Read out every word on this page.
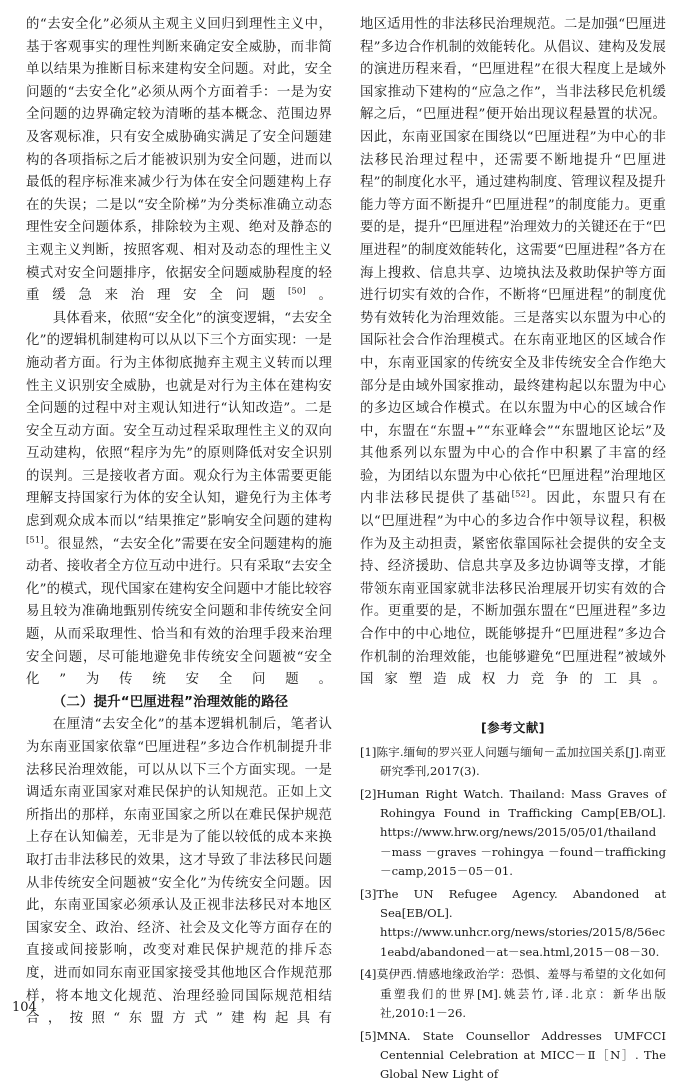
的“去安全化”必须从主观主义回归到理性主义中，基于客观事实的理性判断来确定安全威胁，而非简单以结果为推断目标来建构安全问题。对此，安全问题的“去安全化”必须从两个方面着手：一是为安全问题的边界确定较为清晰的基本概念、范围边界及客观标准，只有安全威胁确实满足了安全问题建构的各项指标之后才能被识别为安全问题，进而以最低的程序标准来减少行为体在安全问题建构上存在的失误；二是以“安全阶梯”为分类标准确立动态理性安全问题体系，排除较为主观、绝对及静态的主观主义判断，按照客观、相对及动态的理性主义模式对安全问题排序，依据安全问题威胁程度的轻重缓急来治理安全问题[50]。

具体看来，依照“安全化”的演变逻辑，“去安全化”的逻辑机制建构可以从以下三个方面实现：一是施动者方面。行为主体彻底抛弃主观主义转而以理性主义识别安全威胁，也就是对行为主体在建构安全问题的过程中对主观认知进行“认知改造”。二是安全互动方面。安全互动过程采取理性主义的双向互动建构，依照“程序为先”的原则降低对安全识别的误判。三是接收者方面。观众行为主体需要更能理解支持国家行为体的安全认知，避免行为主体考虑到观众成本而以“结果推定”影响安全问题的建构[51]。很显然，“去安全化”需要在安全问题建构的施动者、接收者全方位互动中进行。只有采取“去安全化”的模式，现代国家在建构安全问题中才能比较容易且较为准确地甄别传统安全问题和非传统安全问题，从而采取理性、恰当和有效的治理手段来治理安全问题，尽可能地避免非传统安全问题被“安全化”为传统安全问题。

（二）提升“巴厘进程”治理效能的路径

在厘清“去安全化”的基本逻辑机制后，笔者认为东南亚国家依靠“巴厘进程”多边合作机制提升非法移民治理效能，可以从以下三个方面实现。一是调适东南亚国家对难民保护的认知规范。正如上文所指出的那样，东南亚国家之所以在难民保护规范上存在认知偏差，无非是为了能以较低的成本来换取打击非法移民的效果，这才导致了非法移民问题从非传统安全问题被“安全化”为传统安全问题。因此，东南亚国家必须承认及正视非法移民对本地区国家安全、政治、经济、社会及文化等方面存在的直接或间接影响，改变对难民保护规范的排斥态度，进而如同东南亚国家接受其他地区合作规范那样，将本地文化规范、治理经验同国际规范相结合，按照“东盟方式”建构起具有

地区适用性的非法移民治理规范。二是加强“巴厘进程”多边合作机制的效能转化。从倡议、建构及发展的演进历程来看，“巴厘进程”在很大程度上是域外国家推动下建构的“应急之作”，当非法移民危机缓解之后，“巴厘进程”便开始出现议程悬置的状况。因此，东南亚国家在围绕以“巴厘进程”为中心的非法移民治理过程中，还需要不断地提升“巴厘进程”的制度化水平，通过建构制度、管理议程及提升能力等方面不断提升“巴厘进程”的制度能力。更重要的是，提升“巴厘进程”治理效力的关键还在于“巴厘进程”的制度效能转化，这需要“巴厘进程”各方在海上搜救、信息共享、边境执法及救助保护等方面进行切实有效的合作，不断将“巴厘进程”的制度优势有效转化为治理效能。三是落实以东盟为中心的国际社会合作治理模式。在东南亚地区的区域合作中，东南亚国家的传统安全及非传统安全合作绝大部分是由域外国家推动，最终建构起以东盟为中心的多边区域合作模式。在以东盟为中心的区域合作中，东盟在“东盟+”“东亚峰会”“东盟地区论坛”及其他系列以东盟为中心的合作中积累了丰富的经验，为团结以东盟为中心依托“巴厘进程”治理地区内非法移民提供了基础[52]。因此，东盟只有在以“巴厘进程”为中心的多边合作中领导议程，积极作为及主动担责，紧密依靠国际社会提供的安全支持、经济援助、信息共享及多边协调等支撑，才能带领东南亚国家就非法移民治理展开切实有效的合作。更重要的是，不断加强东盟在“巴厘进程”多边合作中的中心地位，既能够提升“巴厘进程”多边合作机制的治理效能，也能够避免“巴厘进程”被域外国家塑造成权力竞争的工具。

[参考文献]

[1]陈宇.缅甸的罗兴亚人问题与缅甸－孟加拉国关系[J].南亚研究季刊,2017(3).

[2]Human Right Watch. Thailand: Mass Graves of Rohingya Found in Trafficking Camp[EB/OL]. https://www.hrw.org/news/2015/05/01/thailand －mass －graves －rohingya －found－trafficking－camp,2015－05－01.

[3]The UN Refugee Agency. Abandoned at Sea[EB/OL]. https://www.unhcr.org/news/stories/2015/8/56ec1eabd/abandoned－at－sea.html,2015－08－30.

[4]莫伊西.情感地缘政治学：恐惧、羞辱与希望的文化如何重塑我们的世界[M].姚芸竹,译.北京：新华出版社,2010:1－26.

[5]MNA. State Counsellor Addresses UMFCCI Centennial Celebration at MICC－Ⅱ［N］. The Global New Light of

104
